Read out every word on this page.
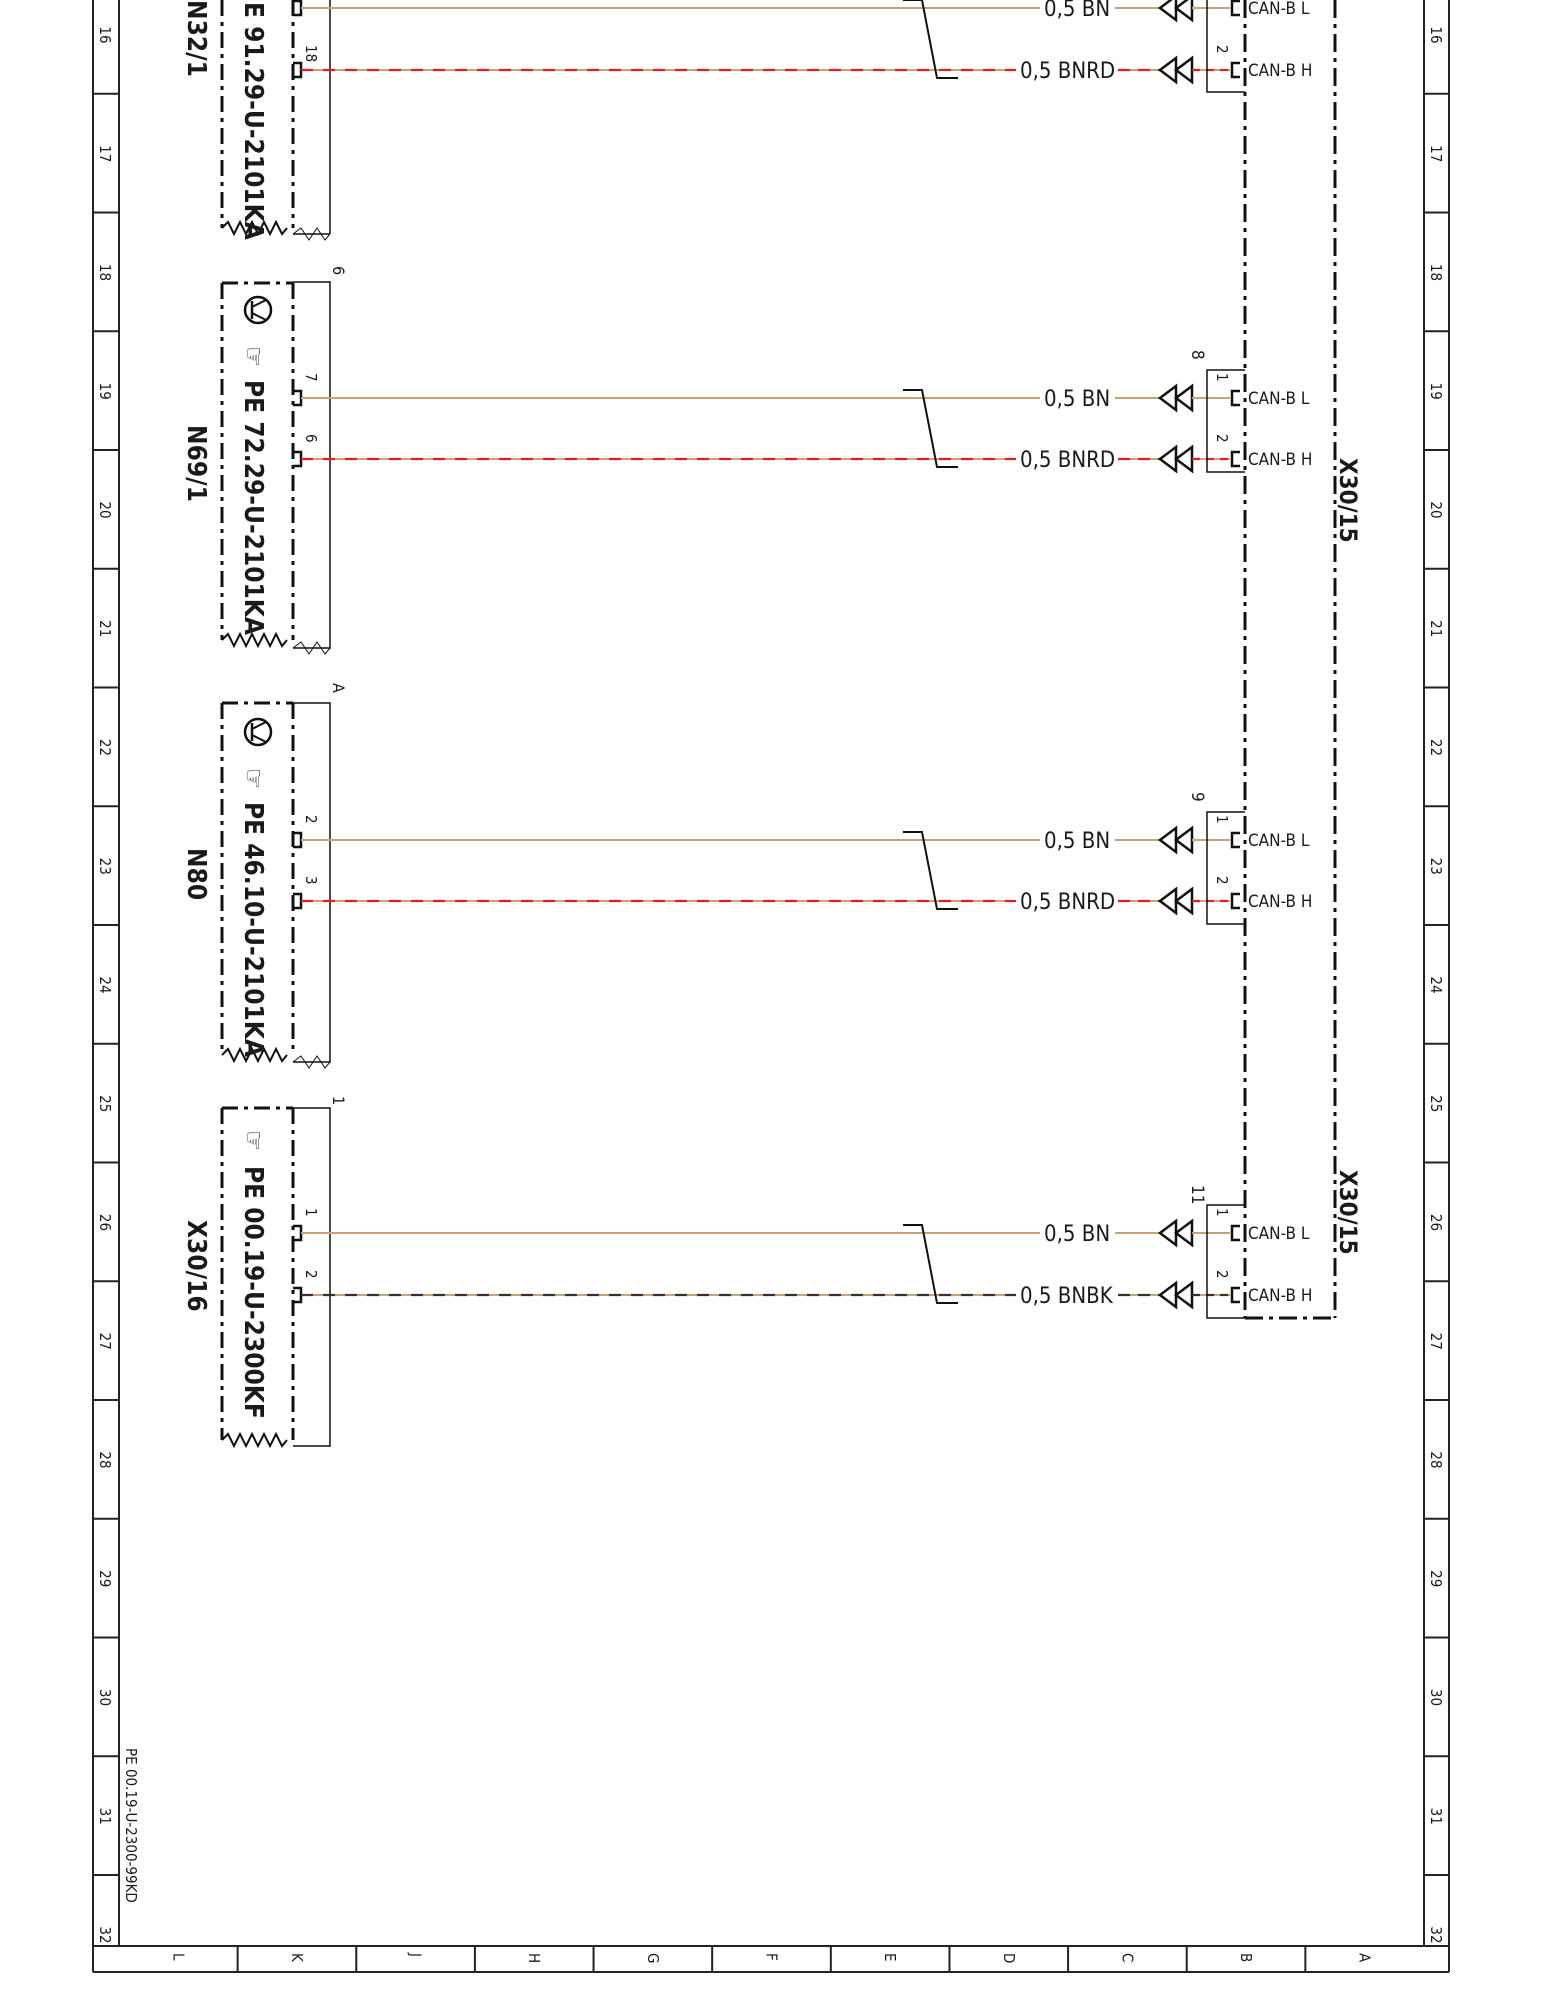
16	16
17	17
18	18
19	19
20	20
21	21
22	22
23	23
24	24
25	25
26	26
27	27
28	28
29	29
30	30
31	31
32	32
L	K	J	H	G	F	E	D	C	B	A
PE 00.19-U-2300-99KD
X30/15
X30/15
E 91.29-U-2101KA
N32/1
6
☞
PE 72.29-U-2101KA
N69/1
A
☞
PE 46.10-U-2101KA
N80
1
☞
PE 00.19-U-2300KF
X30/16
0,5 BN	CAN-B L
18
0,5 BNRD
2
CAN-B H
7
0,5 BN
1
CAN-B L
6
0,5 BNRD
2
CAN-B H
2
0,5 BN
1
CAN-B L
3
0,5 BNRD
2
CAN-B H
1
0,5 BN
1
CAN-B L
2
0,5 BNBK
2
CAN-B H
8
9
11
